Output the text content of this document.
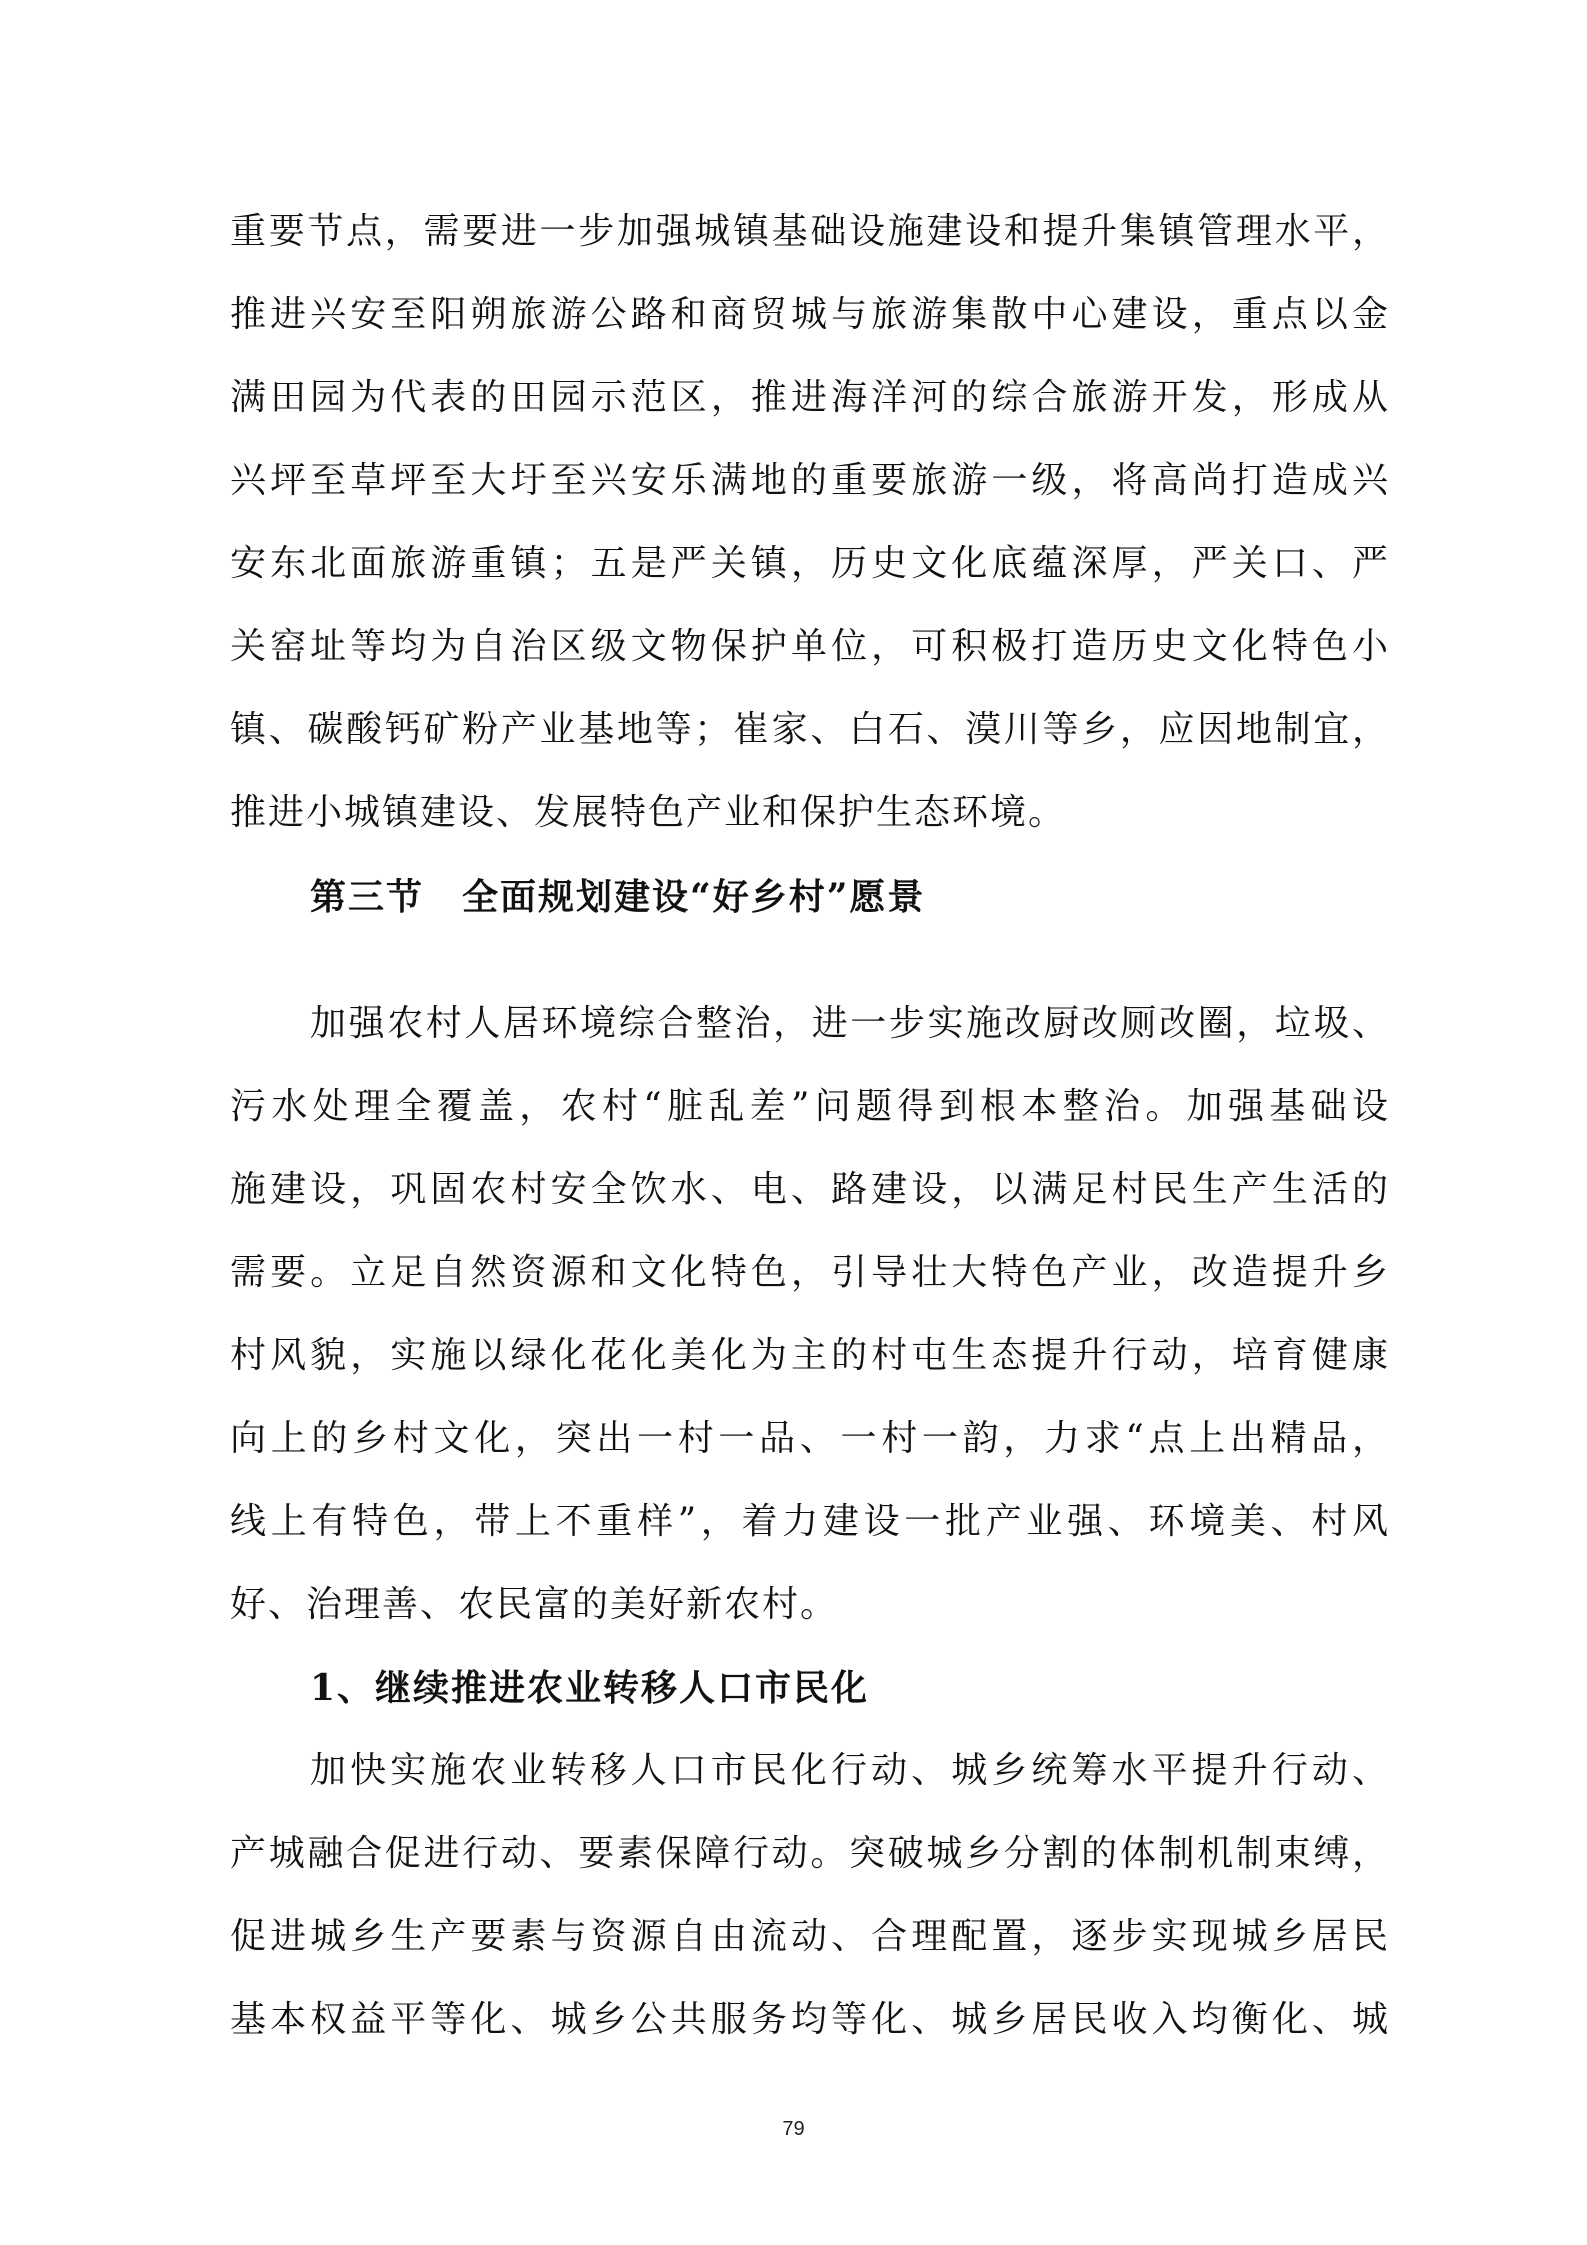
重要节点，需要进一步加强城镇基础设施建设和提升集镇管理水平，
推进兴安至阳朔旅游公路和商贸城与旅游集散中心建设，重点以金
满田园为代表的田园示范区，推进海洋河的综合旅游开发，形成从
兴坪至草坪至大圩至兴安乐满地的重要旅游一级，将高尚打造成兴
安东北面旅游重镇；五是严关镇，历史文化底蕴深厚，严关口、严
关窑址等均为自治区级文物保护单位，可积极打造历史文化特色小
镇、碳酸钙矿粉产业基地等；崔家、白石、漠川等乡，应因地制宜，
推进小城镇建设、发展特色产业和保护生态环境。
第三节　全面规划建设“好乡村”愿景
加强农村人居环境综合整治，进一步实施改厨改厕改圈，垃圾、
污水处理全覆盖，农村“脏乱差”问题得到根本整治。加强基础设
施建设，巩固农村安全饮水、电、路建设，以满足村民生产生活的
需要。立足自然资源和文化特色，引导壮大特色产业，改造提升乡
村风貌，实施以绿化花化美化为主的村屯生态提升行动，培育健康
向上的乡村文化，突出一村一品、一村一韵，力求“点上出精品，
线上有特色，带上不重样”，着力建设一批产业强、环境美、村风
好、治理善、农民富的美好新农村。
1、继续推进农业转移人口市民化
加快实施农业转移人口市民化行动、城乡统筹水平提升行动、
产城融合促进行动、要素保障行动。突破城乡分割的体制机制束缚，
促进城乡生产要素与资源自由流动、合理配置，逐步实现城乡居民
基本权益平等化、城乡公共服务均等化、城乡居民收入均衡化、城
79
